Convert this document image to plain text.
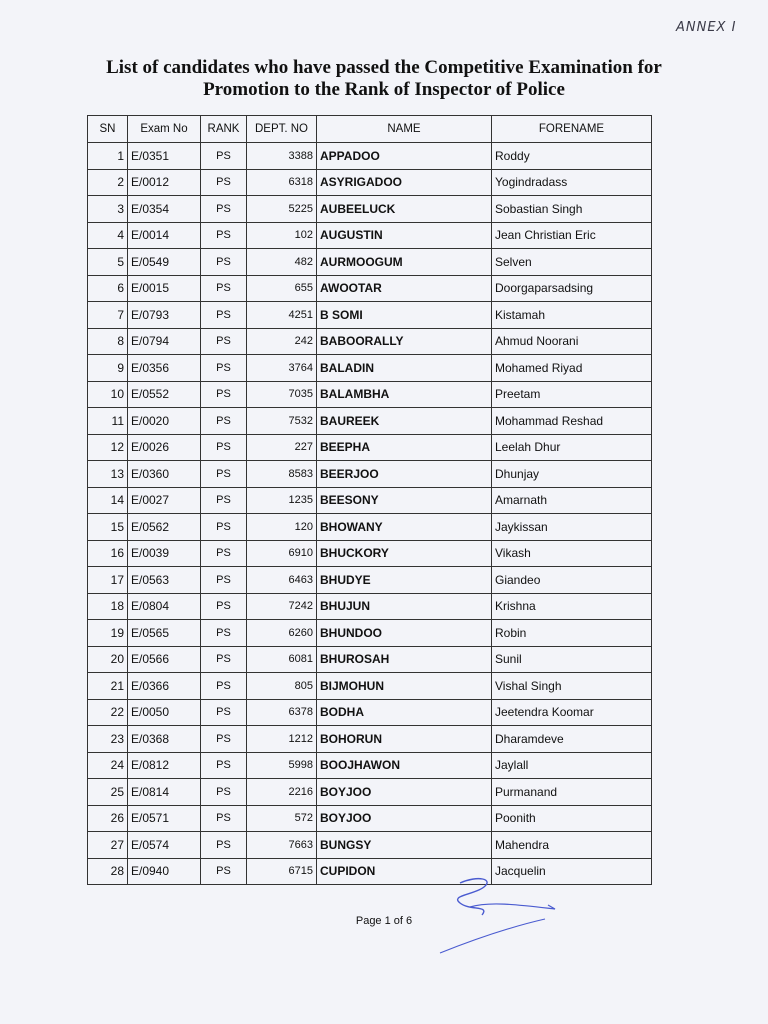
ANNEX I
List of candidates who have passed the Competitive Examination for
Promotion to the Rank of Inspector of Police
SN	Exam No	RANK	DEPT. NO	NAME	FORENAME
1	E/0351	PS	3388	APPADOO	Roddy
2	E/0012	PS	6318	ASYRIGADOO	Yogindradass
3	E/0354	PS	5225	AUBEELUCK	Sobastian Singh
4	E/0014	PS	102	AUGUSTIN	Jean Christian Eric
5	E/0549	PS	482	AURMOOGUM	Selven
6	E/0015	PS	655	AWOOTAR	Doorgaparsadsing
7	E/0793	PS	4251	B SOMI	Kistamah
8	E/0794	PS	242	BABOORALLY	Ahmud Noorani
9	E/0356	PS	3764	BALADIN	Mohamed Riyad
10	E/0552	PS	7035	BALAMBHA	Preetam
11	E/0020	PS	7532	BAUREEK	Mohammad Reshad
12	E/0026	PS	227	BEEPHA	Leelah Dhur
13	E/0360	PS	8583	BEERJOO	Dhunjay
14	E/0027	PS	1235	BEESONY	Amarnath
15	E/0562	PS	120	BHOWANY	Jaykissan
16	E/0039	PS	6910	BHUCKORY	Vikash
17	E/0563	PS	6463	BHUDYE	Giandeo
18	E/0804	PS	7242	BHUJUN	Krishna
19	E/0565	PS	6260	BHUNDOO	Robin
20	E/0566	PS	6081	BHUROSAH	Sunil
21	E/0366	PS	805	BIJMOHUN	Vishal Singh
22	E/0050	PS	6378	BODHA	Jeetendra Koomar
23	E/0368	PS	1212	BOHORUN	Dharamdeve
24	E/0812	PS	5998	BOOJHAWON	Jaylall
25	E/0814	PS	2216	BOYJOO	Purmanand
26	E/0571	PS	572	BOYJOO	Poonith
27	E/0574	PS	7663	BUNGSY	Mahendra
28	E/0940	PS	6715	CUPIDON	Jacquelin
Page 1 of 6
